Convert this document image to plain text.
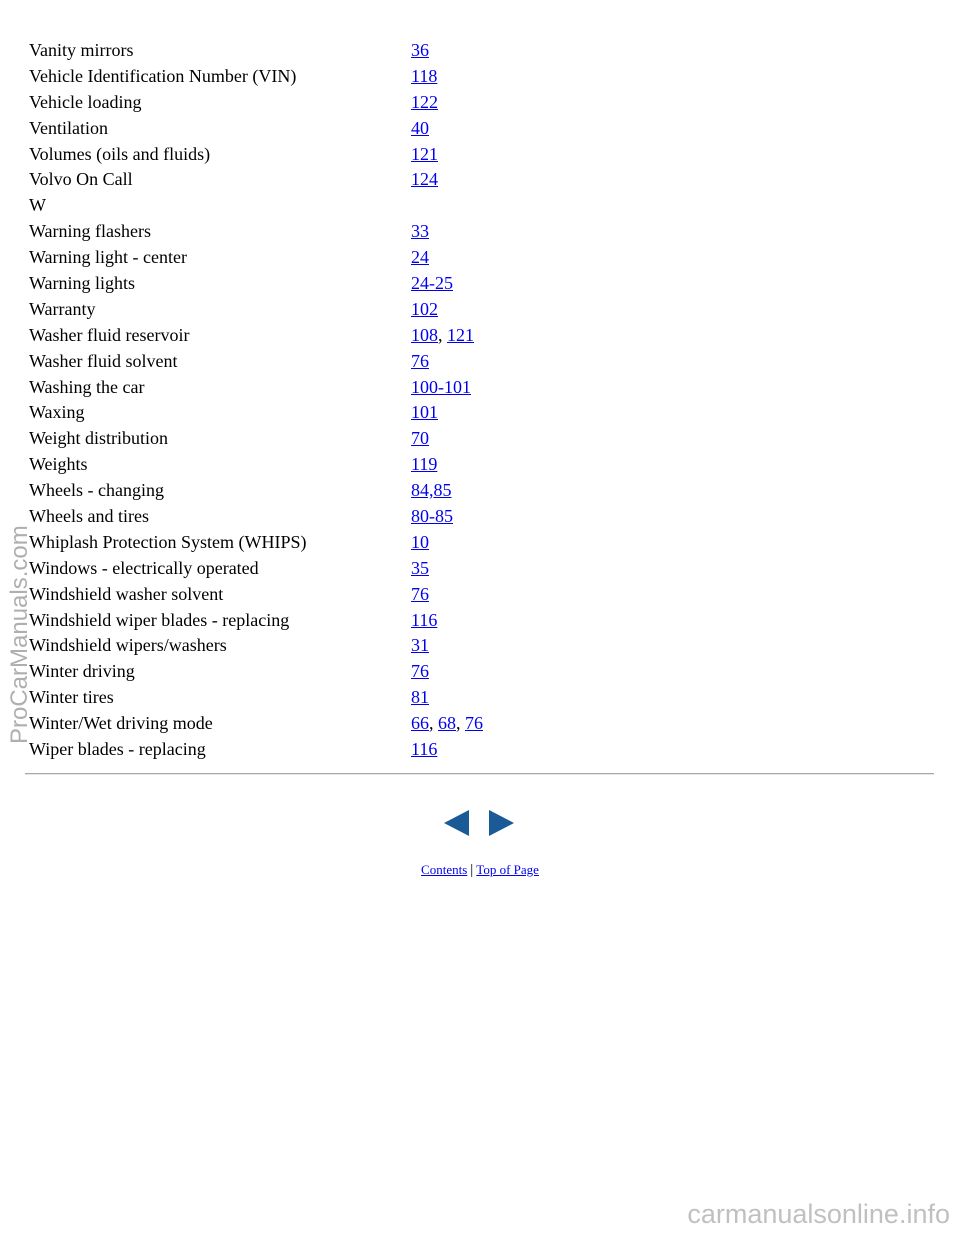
Vanity mirrors	36
Vehicle Identification Number (VIN)	118
Vehicle loading	122
Ventilation	40
Volumes (oils and fluids)	121
Volvo On Call	124
W
Warning flashers	33
Warning light - center	24
Warning lights	24-25
Warranty	102
Washer fluid reservoir	108, 121
Washer fluid solvent	76
Washing the car	100-101
Waxing	101
Weight distribution	70
Weights	119
Wheels - changing	84,85
Wheels and tires	80-85
Whiplash Protection System (WHIPS)	10
Windows - electrically operated	35
Windshield washer solvent	76
Windshield wiper blades - replacing	116
Windshield wipers/washers	31
Winter driving	76
Winter tires	81
Winter/Wet driving mode	66, 68, 76
Wiper blades - replacing	116
Contents | Top of Page
ProCarManuals.com
carmanualsonline.info
